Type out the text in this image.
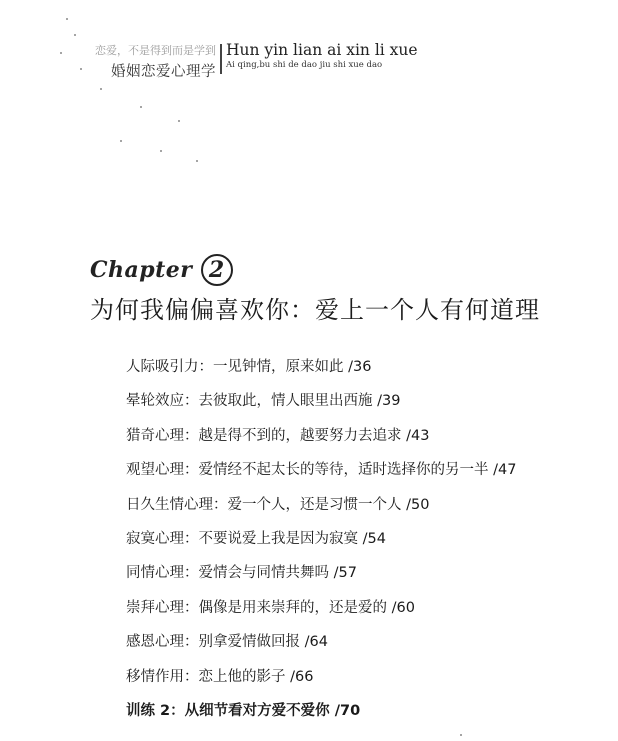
恋爱，不是得到而是学到
婚姻恋爱心理学
Hun yin lian ai xin li xue
Ai qing,bu shi de dao jiu shi xue dao
Chapter 2
为何我偏偏喜欢你：爱上一个人有何道理
人际吸引力：一见钟情，原来如此 /36
晕轮效应：去彼取此，情人眼里出西施 /39
猎奇心理：越是得不到的，越要努力去追求 /43
观望心理：爱情经不起太长的等待，适时选择你的另一半 /47
日久生情心理：爱一个人，还是习惯一个人 /50
寂寞心理：不要说爱上我是因为寂寞 /54
同情心理：爱情会与同情共舞吗 /57
崇拜心理：偶像是用来崇拜的，还是爱的 /60
感恩心理：别拿爱情做回报 /64
移情作用：恋上他的影子 /66
训练 2：从细节看对方爱不爱你 /70
